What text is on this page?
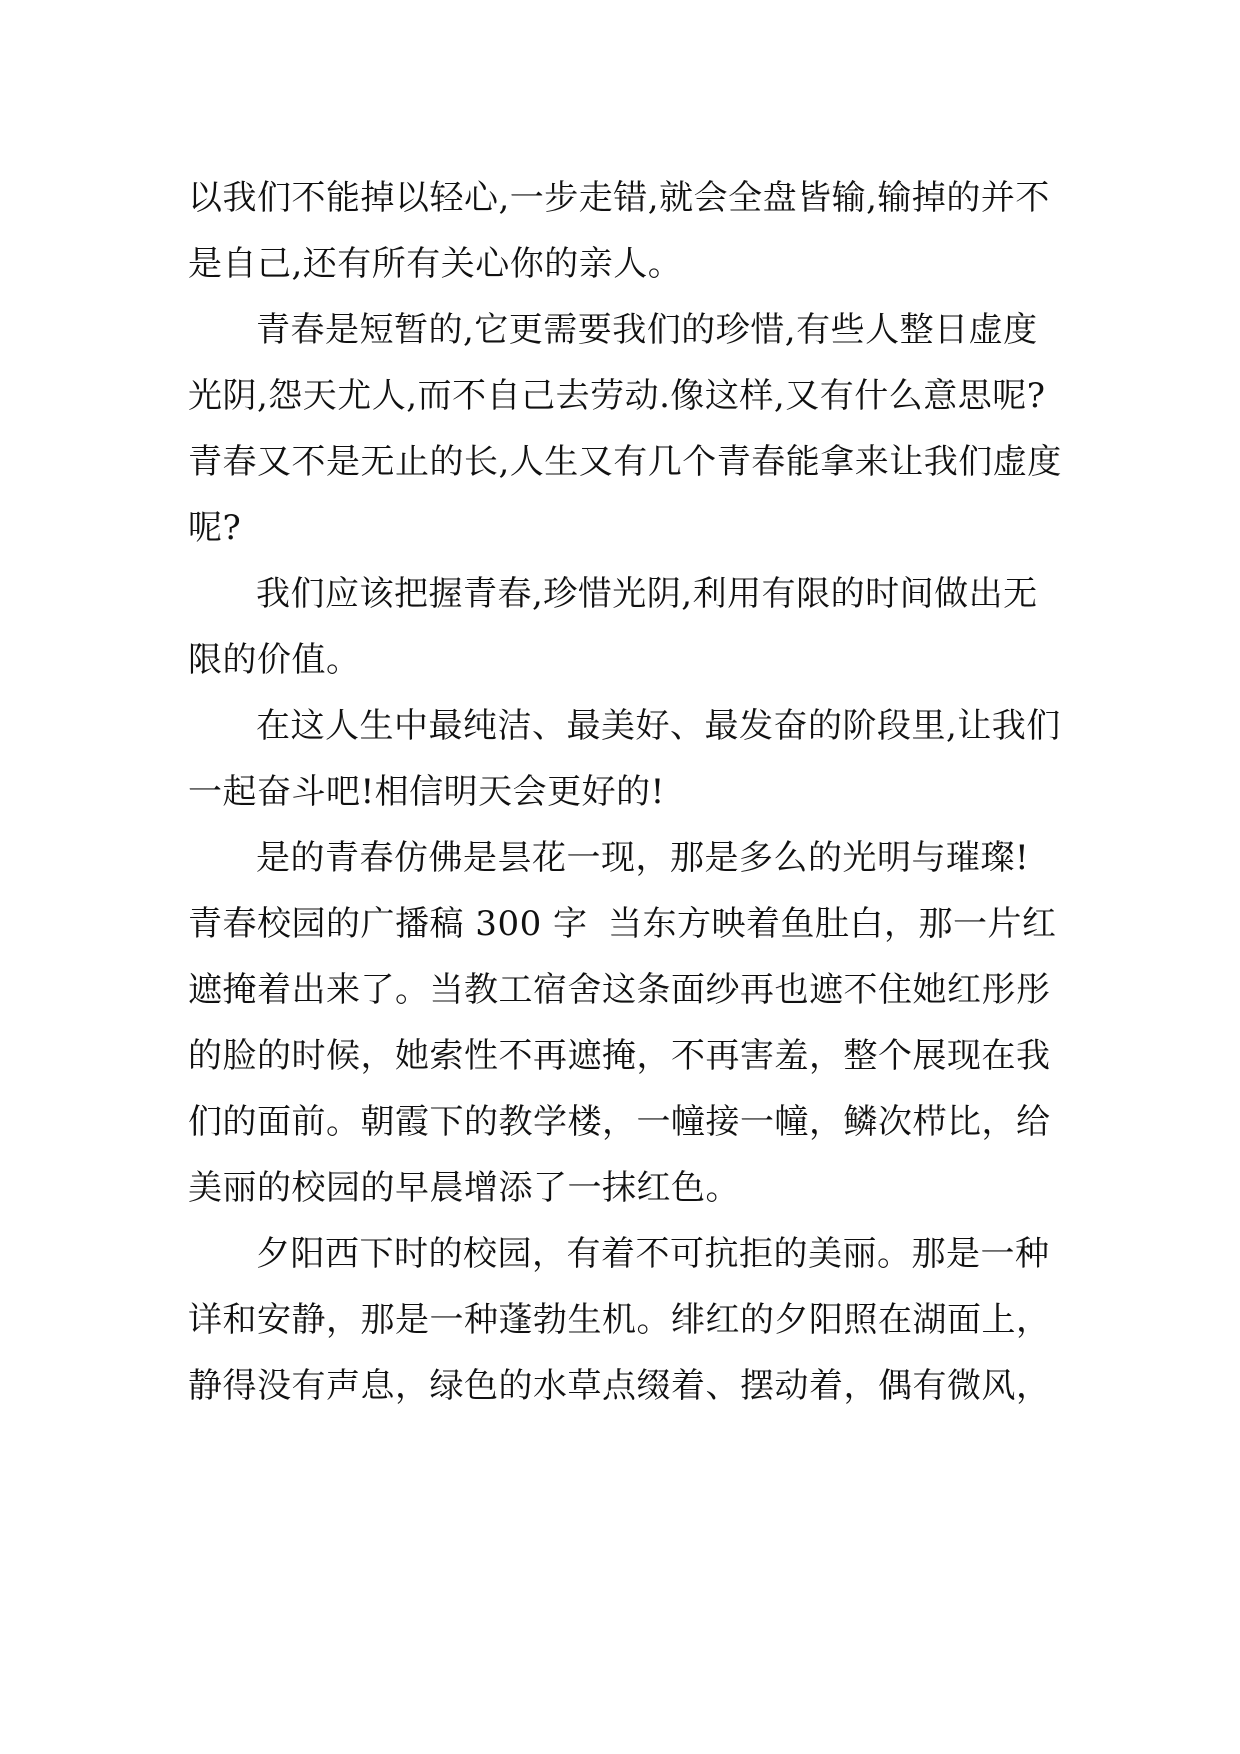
以我们不能掉以轻心,一步走错,就会全盘皆输,输掉的并不
是自己,还有所有关心你的亲人。
青春是短暂的,它更需要我们的珍惜,有些人整日虚度
光阴,怨天尤人,而不自己去劳动.像这样,又有什么意思呢?
青春又不是无止的长,人生又有几个青春能拿来让我们虚度
呢?
我们应该把握青春,珍惜光阴,利用有限的时间做出无
限的价值。
在这人生中最纯洁、最美好、最发奋的阶段里,让我们
一起奋斗吧!相信明天会更好的!
是的青春仿佛是昙花一现，那是多么的光明与璀璨!
青春校园的广播稿 300 字 当东方映着鱼肚白，那一片红
遮掩着出来了。当教工宿舍这条面纱再也遮不住她红彤彤
的脸的时候，她索性不再遮掩，不再害羞，整个展现在我
们的面前。朝霞下的教学楼，一幢接一幢，鳞次栉比，给
美丽的校园的早晨增添了一抹红色。
夕阳西下时的校园，有着不可抗拒的美丽。那是一种
详和安静，那是一种蓬勃生机。绯红的夕阳照在湖面上，
静得没有声息，绿色的水草点缀着、摆动着，偶有微风，
